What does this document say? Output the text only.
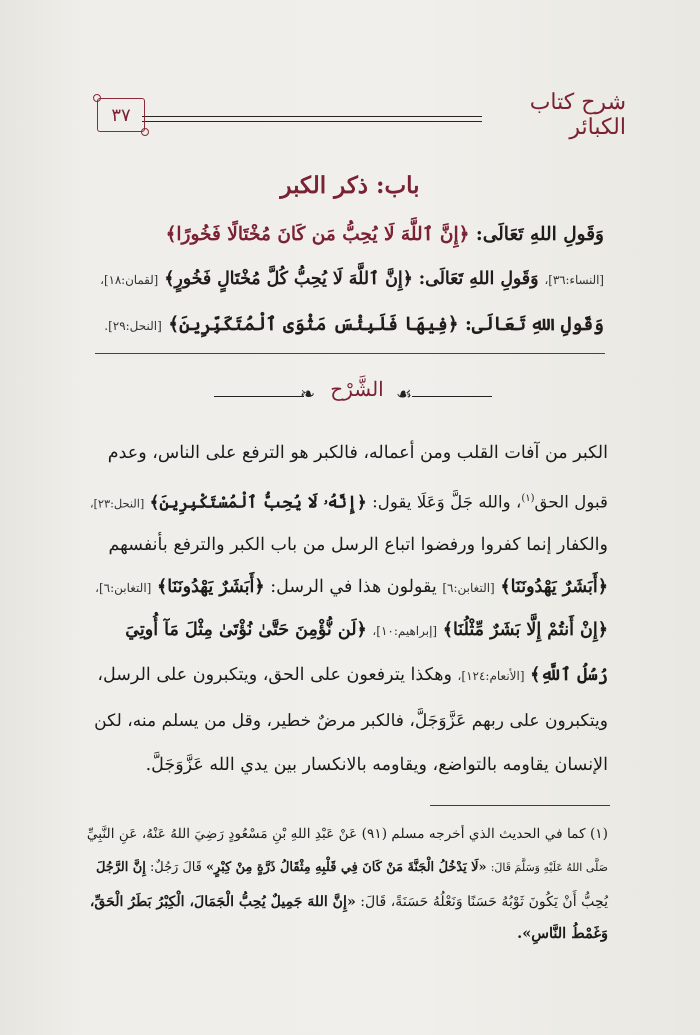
شرح كتاب الكبائر
٣٧
باب: ذكر الكبر
وَقَولِ اللهِ تَعَالَى: ﴿إِنَّ ٱللَّهَ لَا يُحِبُّ مَن كَانَ مُخْتَالًا فَخُورًا﴾
[النساء:٣٦]، وَقَولِ اللهِ تَعَالَى: ﴿إِنَّ ٱللَّهَ لَا يُحِبُّ كُلَّ مُخْتَالٍ فَخُورٍ﴾ [لقمان:١٨]،
وَقَولِ اللهِ تَعَالَى: ﴿فِيهَا فَلَبِئْسَ مَثْوَى ٱلْمُتَكَبِّرِينَ﴾ [النحل:٢٩].
❧ الشَّرْح ☙
الكبر من آفات القلب ومن أعماله، فالكبر هو الترفع على الناس، وعدم
قبول الحق$^{(١)}$، والله جَلَّ وَعَلَا يقول: ﴿إِنَّهُۥ لَا يُحِبُّ ٱلْمُسْتَكْبِرِينَ﴾ [النحل:٢٣]،
والكفار إنما كفروا ورفضوا اتباع الرسل من باب الكبر والترفع بأنفسهم
﴿أَبَشَرٌ يَهْدُونَنَا﴾ [التغابن:٦] يقولون هذا في الرسل: ﴿أَبَشَرٌ يَهْدُونَنَا﴾ [التغابن:٦]،
﴿إِنْ أَنتُمْ إِلَّا بَشَرٌ مِّثْلُنَا﴾ [إبراهيم:١٠]، ﴿لَن نُّؤْمِنَ حَتَّىٰ نُؤْتَىٰ مِثْلَ مَآ أُوتِيَ
رُسُلُ ٱللَّهِ﴾ [الأنعام:١٢٤]، وهكذا يترفعون على الحق، ويتكبرون على الرسل،
ويتكبرون على ربهم عَزَّوَجَلَّ، فالكبر مرضٌ خطير، وقل من يسلم منه، لكن
الإنسان يقاومه بالتواضع، ويقاومه بالانكسار بين يدي الله عَزَّوَجَلَّ.
(١) كما في الحديث الذي أخرجه مسلم (٩١) عَنْ عَبْدِ اللهِ بْنِ مَسْعُودٍ رَضِيَ اللهُ عَنْهُ، عَنِ النَّبِيِّ
صَلَّى اللهُ عَلَيْهِ وَسَلَّمَ قَالَ: «لَا يَدْخُلُ الْجَنَّةَ مَنْ كَانَ فِي قَلْبِهِ مِثْقَالُ ذَرَّةٍ مِنْ كِبْرٍ» قَالَ رَجُلٌ: إِنَّ الرَّجُلَ
يُحِبُّ أَنْ يَكُونَ ثَوْبُهُ حَسَنًا وَنَعْلُهُ حَسَنَةً، قَالَ: «إِنَّ اللهَ جَمِيلٌ يُحِبُّ الْجَمَالَ، الْكِبْرُ بَطَرُ الْحَقِّ،
وَغَمْطُ النَّاسِ».
